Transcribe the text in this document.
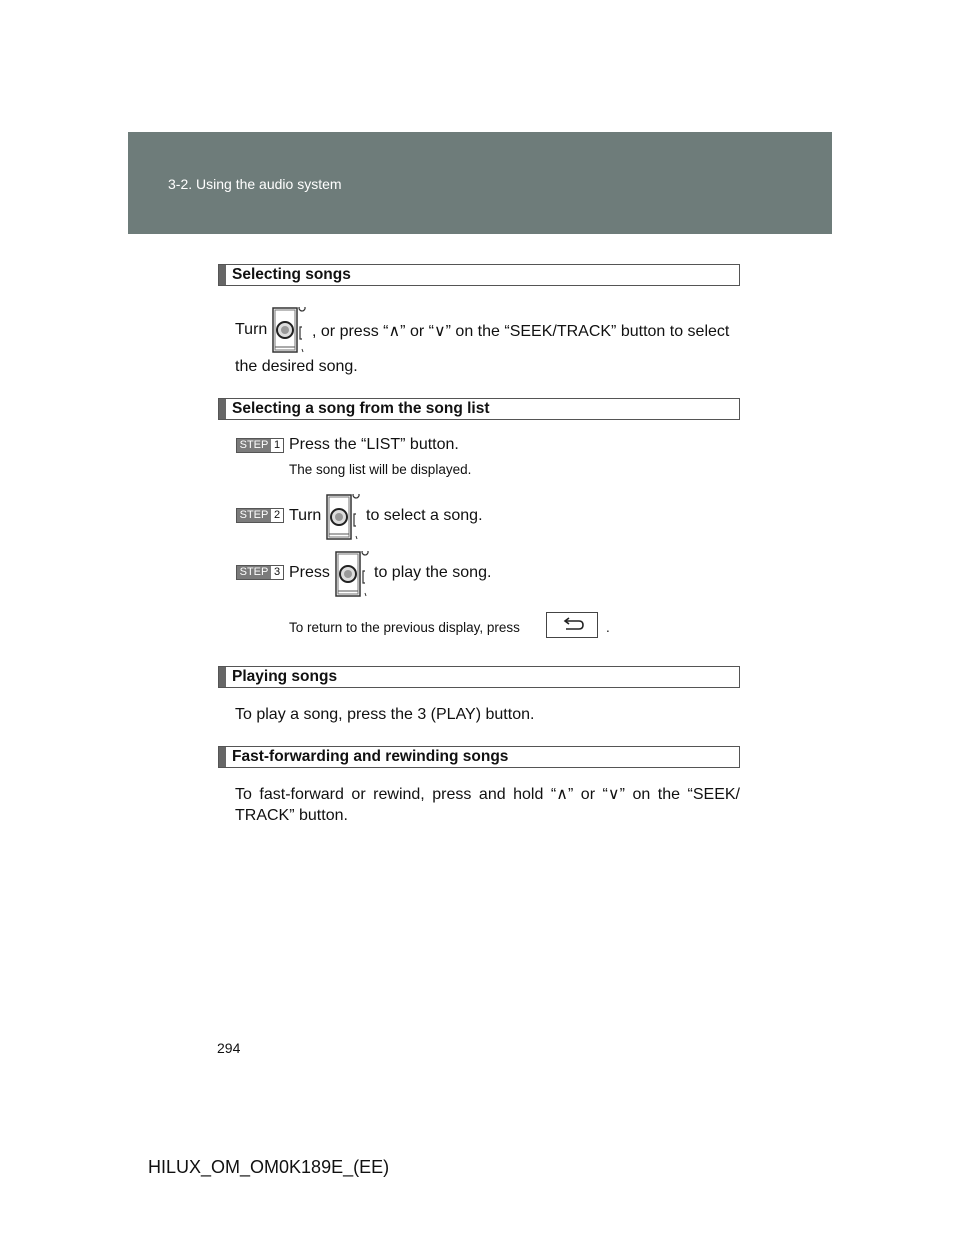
3-2. Using the audio system
Selecting songs
Turn	, or press “∧” or “∨” on the “SEEK/TRACK” button to select
the desired song.
Selecting a song from the song list
STEP 1 Press the “LIST” button.
The song list will be displayed.
STEP 2 Turn	to select a song.
STEP 3 Press	to play the song.
To return to the previous display, press	.
Playing songs
To play a song, press the 3 (PLAY) button.
Fast-forwarding and rewinding songs
To fast-forward or rewind, press and hold “∧” or “∨” on the “SEEK/
TRACK” button.
294
HILUX_OM_OM0K189E_(EE)
